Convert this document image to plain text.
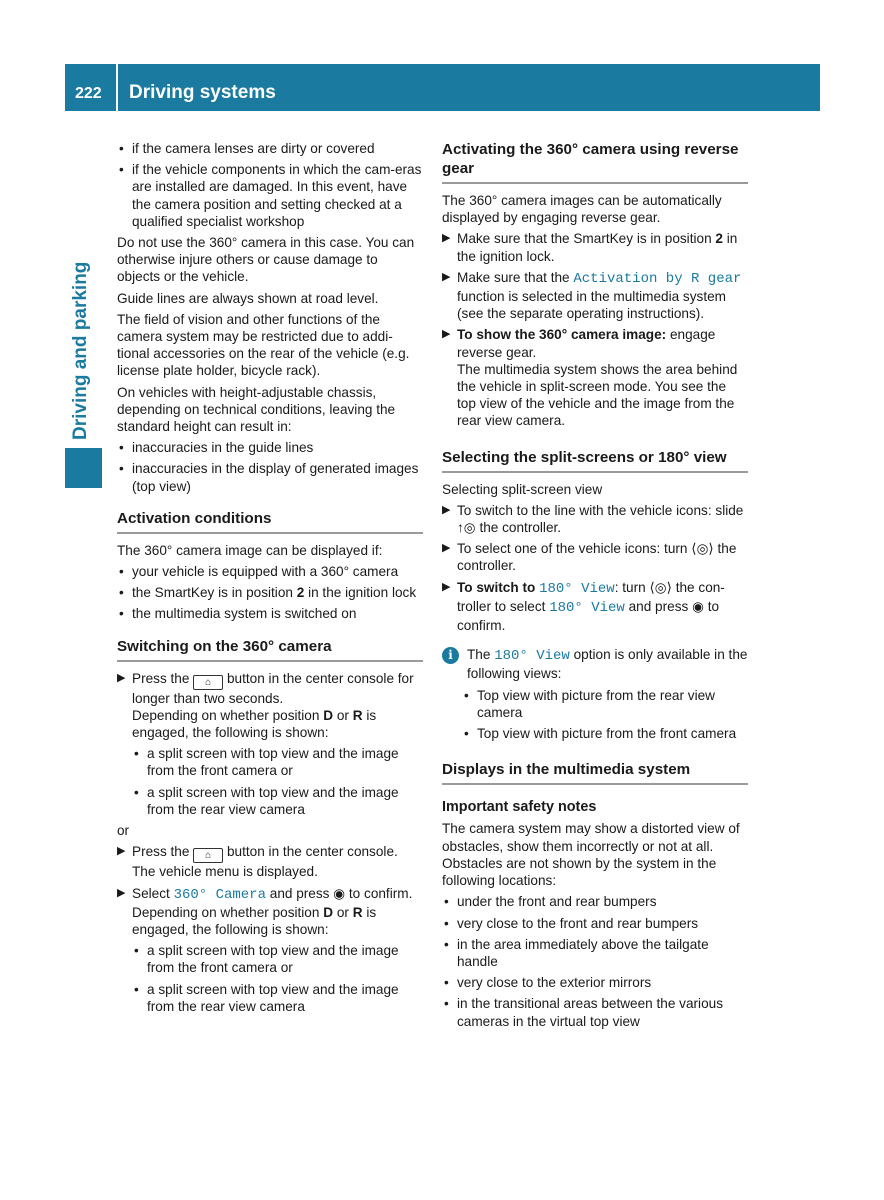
222 Driving systems
Driving and parking
• if the camera lenses are dirty or covered
• if the vehicle components in which the cam-eras are installed are damaged. In this event, have the camera position and setting checked at a qualified specialist workshop

Do not use the 360° camera in this case. You can otherwise injure others or cause damage to objects or the vehicle.

Guide lines are always shown at road level.

The field of vision and other functions of the camera system may be restricted due to addi-tional accessories on the rear of the vehicle (e.g. license plate holder, bicycle rack).

On vehicles with height-adjustable chassis, depending on technical conditions, leaving the standard height can result in:

• inaccuracies in the guide lines
• inaccuracies in the display of generated images (top view)
Activation conditions

The 360° camera image can be displayed if:

• your vehicle is equipped with a 360° camera
• the SmartKey is in position 2 in the ignition lock
• the multimedia system is switched on
Switching on the 360° camera
▶ Press the ⌂ button in the center console for longer than two seconds.
Depending on whether position D or R is engaged, the following is shown:
• a split screen with top view and the image from the front camera or
• a split screen with top view and the image from the rear view camera

or

▶ Press the ⌂ button in the center console. The vehicle menu is displayed.
▶ Select 360° Camera and press ◉ to confirm.
Depending on whether position D or R is engaged, the following is shown:
• a split screen with top view and the image from the front camera or
• a split screen with top view and the image from the rear view camera
Activating the 360° camera using reverse gear

The 360° camera images can be automatically displayed by engaging reverse gear.

▶ Make sure that the SmartKey is in position 2 in the ignition lock.
▶ Make sure that the Activation by R gear function is selected in the multimedia system (see the separate operating instructions).
▶ To show the 360° camera image: engage reverse gear.
The multimedia system shows the area behind the vehicle in split-screen mode. You see the top view of the vehicle and the image from the rear view camera.
Selecting the split-screens or 180° view

Selecting split-screen view

▶ To switch to the line with the vehicle icons: slide ↑◎ the controller.
▶ To select one of the vehicle icons: turn ⟨◎⟩ the controller.
▶ To switch to 180° View: turn ⟨◎⟩ the con-troller to select 180° View and press ◉ to confirm.
i	The 180° View option is only available in the following views:
• Top view with picture from the rear view camera
• Top view with picture from the front camera
Displays in the multimedia system
Important safety notes

The camera system may show a distorted view of obstacles, show them incorrectly or not at all. Obstacles are not shown by the system in the following locations:

• under the front and rear bumpers
• very close to the front and rear bumpers
• in the area immediately above the tailgate handle
• very close to the exterior mirrors
• in the transitional areas between the various cameras in the virtual top view
